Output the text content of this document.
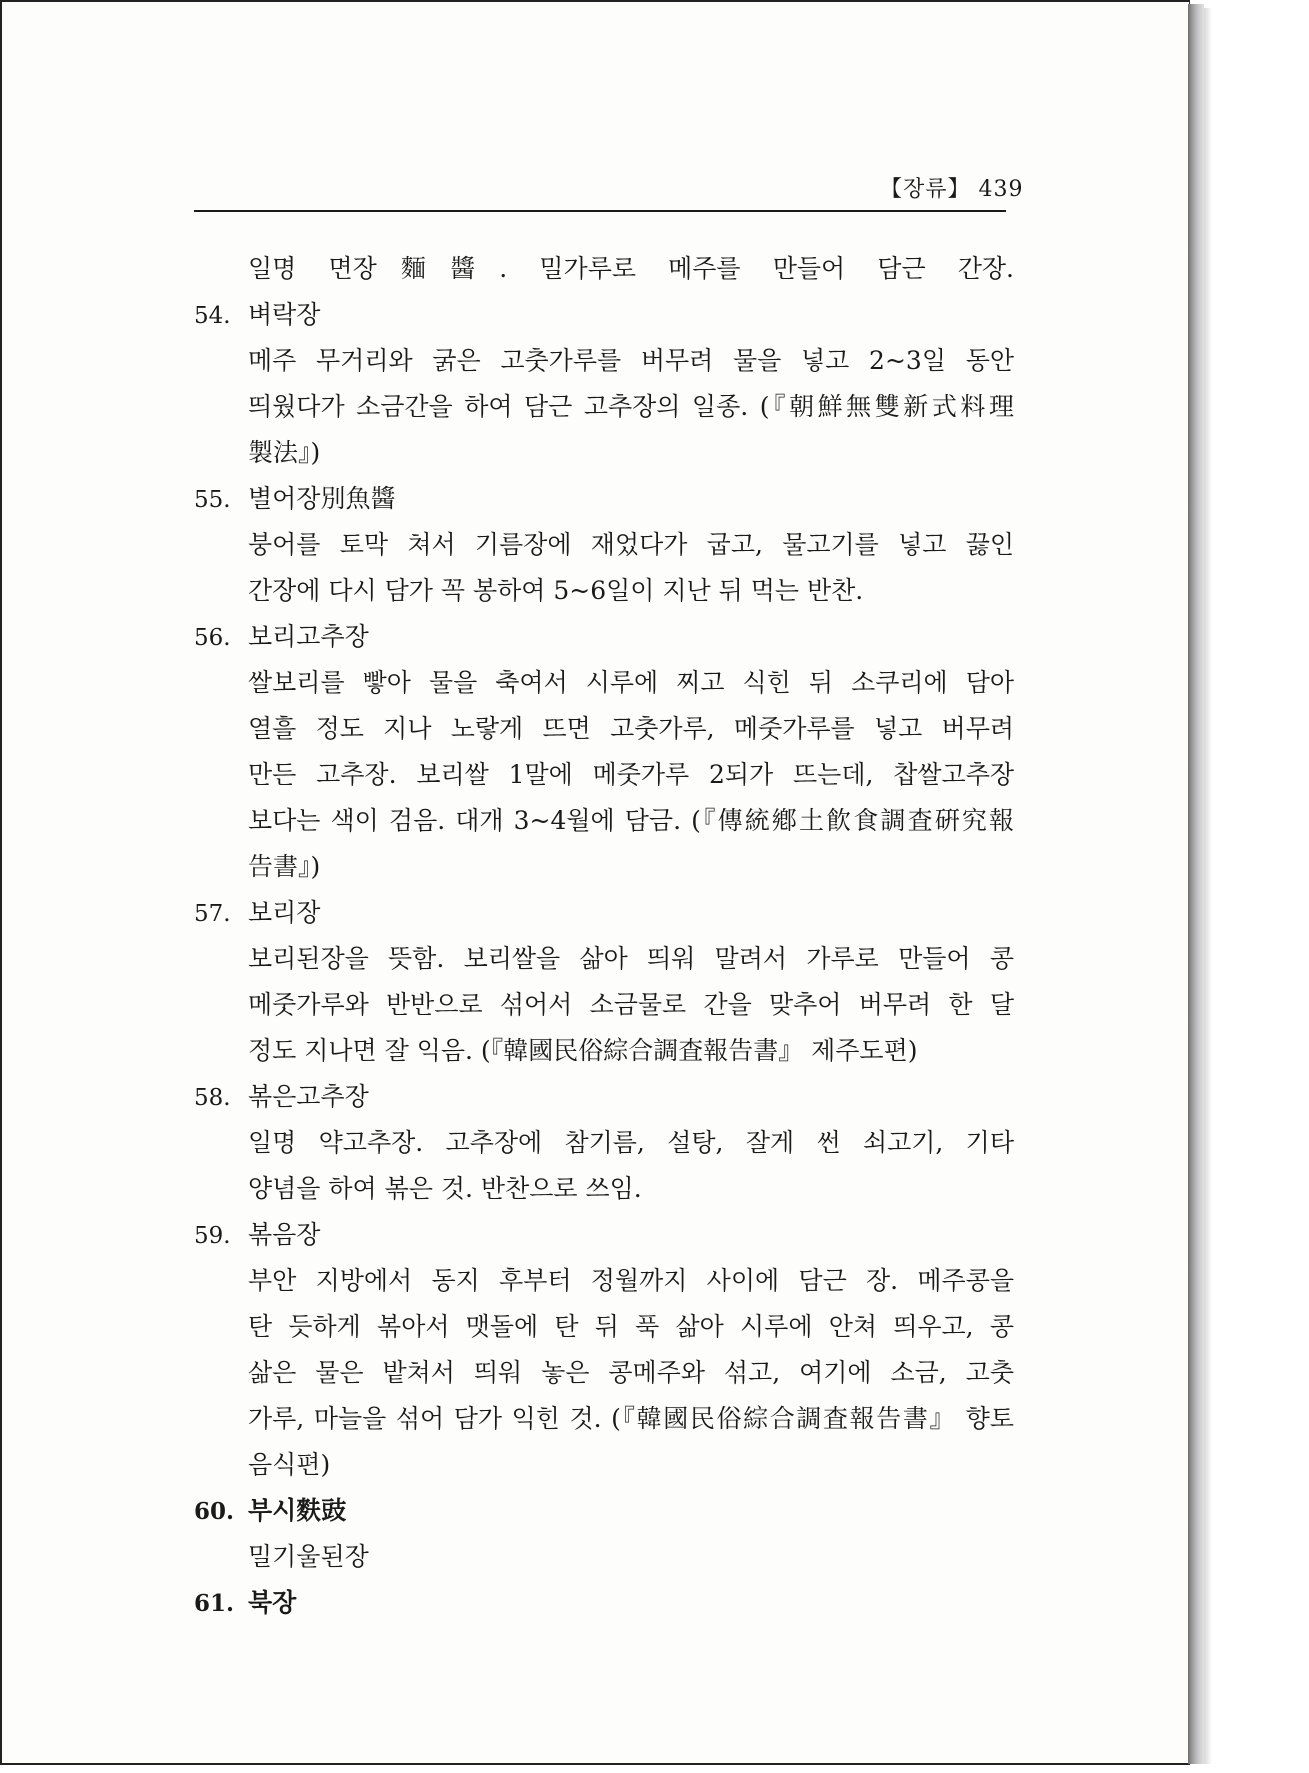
【장류】 439
일명 면장麵醬. 밀가루로 메주를 만들어 담근 간장.
54. 벼락장
메주 무거리와 굵은 고춧가루를 버무려 물을 넣고 2~3일 동안
띄웠다가 소금간을 하여 담근 고추장의 일종. (『朝鮮無雙新式料理
製法』)
55. 별어장別魚醬
붕어를 토막 쳐서 기름장에 재었다가 굽고, 물고기를 넣고 끓인
간장에 다시 담가 꼭 봉하여 5~6일이 지난 뒤 먹는 반찬.
56. 보리고추장
쌀보리를 빻아 물을 축여서 시루에 찌고 식힌 뒤 소쿠리에 담아
열흘 정도 지나 노랗게 뜨면 고춧가루, 메줏가루를 넣고 버무려
만든 고추장. 보리쌀 1말에 메줏가루 2되가 뜨는데, 찹쌀고추장
보다는 색이 검음. 대개 3~4월에 담금. (『傳統鄕土飮食調査硏究報
告書』)
57. 보리장
보리된장을 뜻함. 보리쌀을 삶아 띄워 말려서 가루로 만들어 콩
메줏가루와 반반으로 섞어서 소금물로 간을 맞추어 버무려 한 달
정도 지나면 잘 익음. (『韓國民俗綜合調査報告書』 제주도편)
58. 볶은고추장
일명 약고추장. 고추장에 참기름, 설탕, 잘게 썬 쇠고기, 기타
양념을 하여 볶은 것. 반찬으로 쓰임.
59. 볶음장
부안 지방에서 동지 후부터 정월까지 사이에 담근 장. 메주콩을
탄 듯하게 볶아서 맷돌에 탄 뒤 푹 삶아 시루에 안쳐 띄우고, 콩
삶은 물은 밭쳐서 띄워 놓은 콩메주와 섞고, 여기에 소금, 고춧
가루, 마늘을 섞어 담가 익힌 것. (『韓國民俗綜合調査報告書』 향토
음식편)
60. 부시麩豉
밀기울된장
61. 북장
